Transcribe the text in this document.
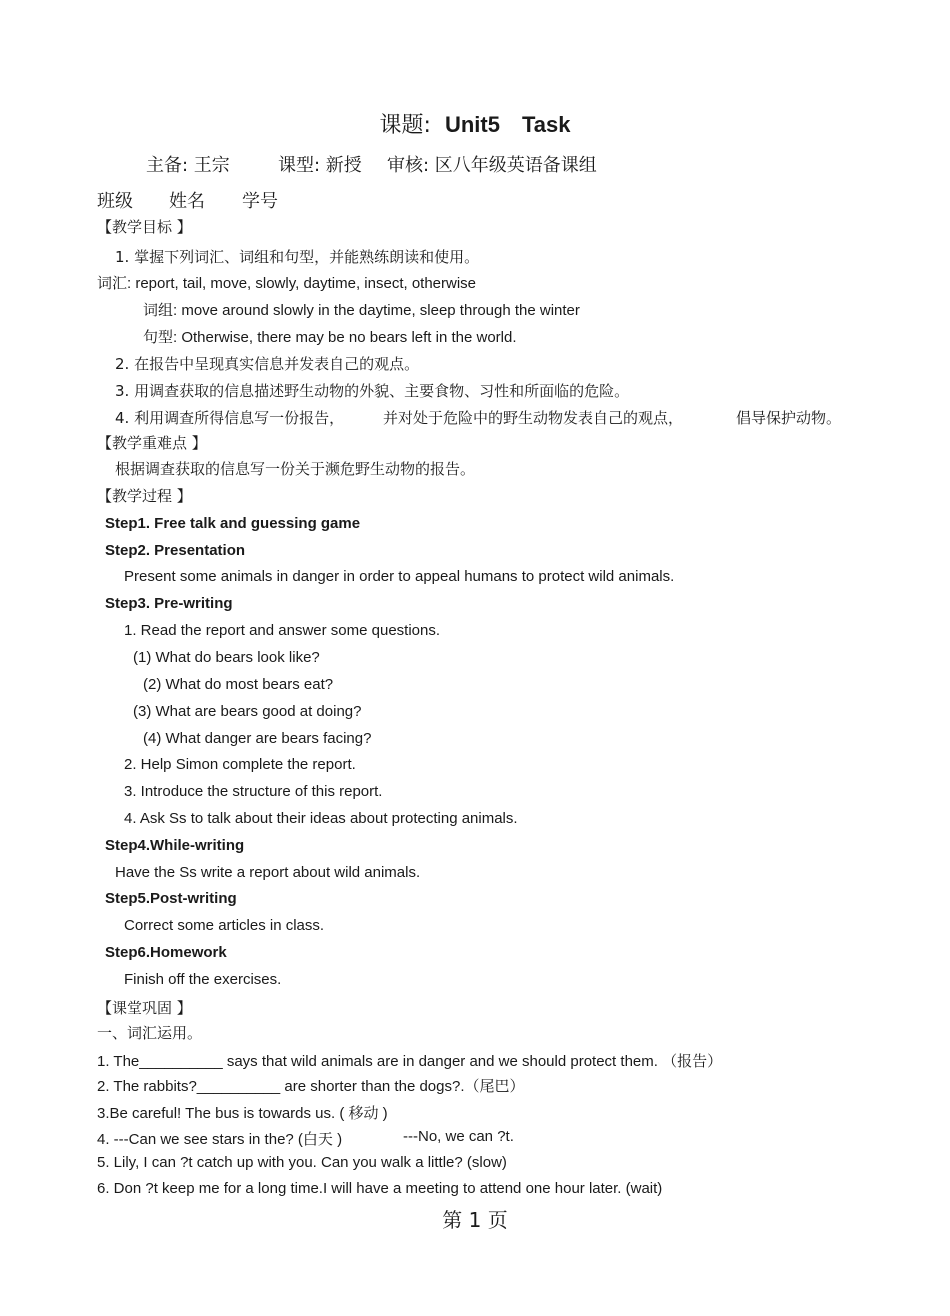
课题: Unit5 Task
主备: 王宗	课型: 新授 审核: 区八年级英语备课组
班级 姓名 学号
【教学目标 】
1. 掌握下列词汇、词组和句型，并能熟练朗读和使用。
词汇: report, tail, move, slowly, daytime, insect, otherwise
词组: move around slowly in the daytime, sleep through the winter
句型: Otherwise, there may be no bears left in the world.
2. 在报告中呈现真实信息并发表自己的观点。
3. 用调查获取的信息描述野生动物的外貌、主要食物、习性和所面临的危险。
4. 利用调查所得信息写一份报告，	并对处于危险中的野生动物发表自己的观点，	倡导保护动物。
【教学重难点 】
根据调查获取的信息写一份关于濒危野生动物的报告。
【教学过程 】
Step1. Free talk and guessing game
Step2. Presentation
Present some animals in danger in order to appeal humans to protect wild animals.
Step3. Pre-writing
1. Read the report and answer some questions.
(1) What do bears look like?
(2) What do most bears eat?
(3) What are bears good at doing?
(4) What danger are bears facing?
2. Help Simon complete the report.
3. Introduce the structure of this report.
4. Ask Ss to talk about their ideas about protecting animals.
Step4.While-writing
Have the Ss write a report about wild animals.
Step5.Post-writing
Correct some articles in class.
Step6.Homework
Finish off the exercises.
【课堂巩固 】
一、词汇运用。
1. The__________ says that wild animals are in danger and we should protect them. （报告）
2. The rabbits?__________ are shorter than the dogs?.（尾巴）
3.Be careful! The bus is towards us. ( 移动 )
4. ---Can we see stars in the? (白天 )	---No, we can ?t.
5. Lily, I can ?t catch up with you. Can you walk a little? (slow)
6. Don ?t keep me for a long time.I will have a meeting to attend one hour later. (wait)
第 1 页
